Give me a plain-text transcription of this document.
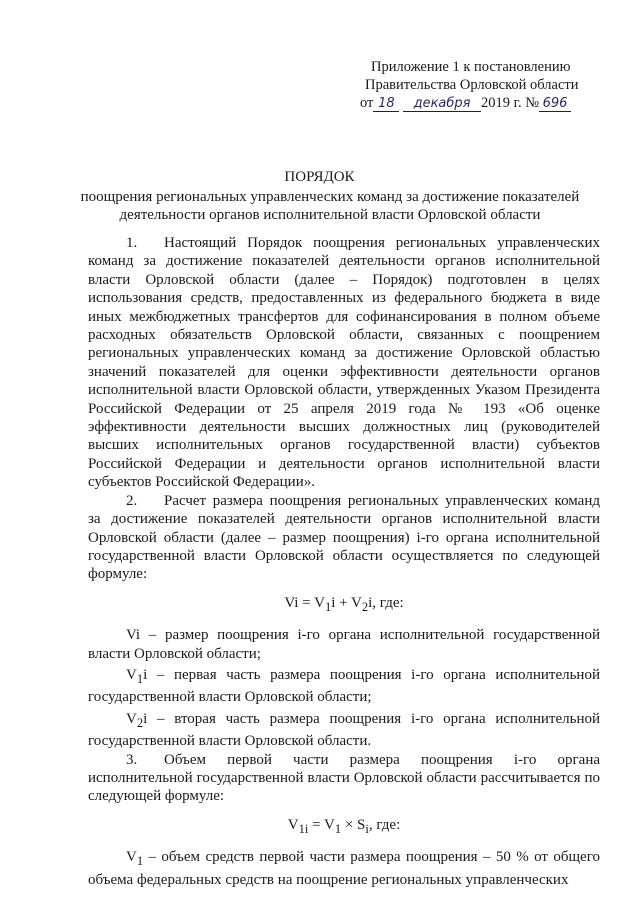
Приложение 1 к постановлению
Правительства Орловской области
от 18 декабря 2019 г. № 696
ПОРЯДОК
поощрения региональных управленческих команд за достижение показателей деятельности органов исполнительной власти Орловской области

1. Настоящий Порядок поощрения региональных управленческих команд за достижение показателей деятельности органов исполнительной власти Орловской области (далее – Порядок) подготовлен в целях использования средств, предоставленных из федерального бюджета в виде иных межбюджетных трансфертов для софинансирования в полном объеме расходных обязательств Орловской области, связанных с поощрением региональных управленческих команд за достижение Орловской областью значений показателей для оценки эффективности деятельности органов исполнительной власти Орловской области, утвержденных Указом Президента Российской Федерации от 25 апреля 2019 года № 193 «Об оценке эффективности деятельности высших должностных лиц (руководителей высших исполнительных органов государственной власти) субъектов Российской Федерации и деятельности органов исполнительной власти субъектов Российской Федерации».

2. Расчет размера поощрения региональных управленческих команд за достижение показателей деятельности органов исполнительной власти Орловской области (далее – размер поощрения) i-го органа исполнительной государственной власти Орловской области осуществляется по следующей формуле:

$Vi = V_1i + V_2i$, где:

Vi – размер поощрения i-го органа исполнительной государственной власти Орловской области;

$V_1i$ – первая часть размера поощрения i-го органа исполнительной государственной власти Орловской области;

$V_2i$ – вторая часть размера поощрения i-го органа исполнительной государственной власти Орловской области.

3. Объем первой части размера поощрения i-го органа исполнительной государственной власти Орловской области рассчитывается по следующей формуле:

$V_{1i} = V_1 \times S_i$, где:

$V_1$ – объем средств первой части размера поощрения – 50 % от общего объема федеральных средств на поощрение региональных управленческих
